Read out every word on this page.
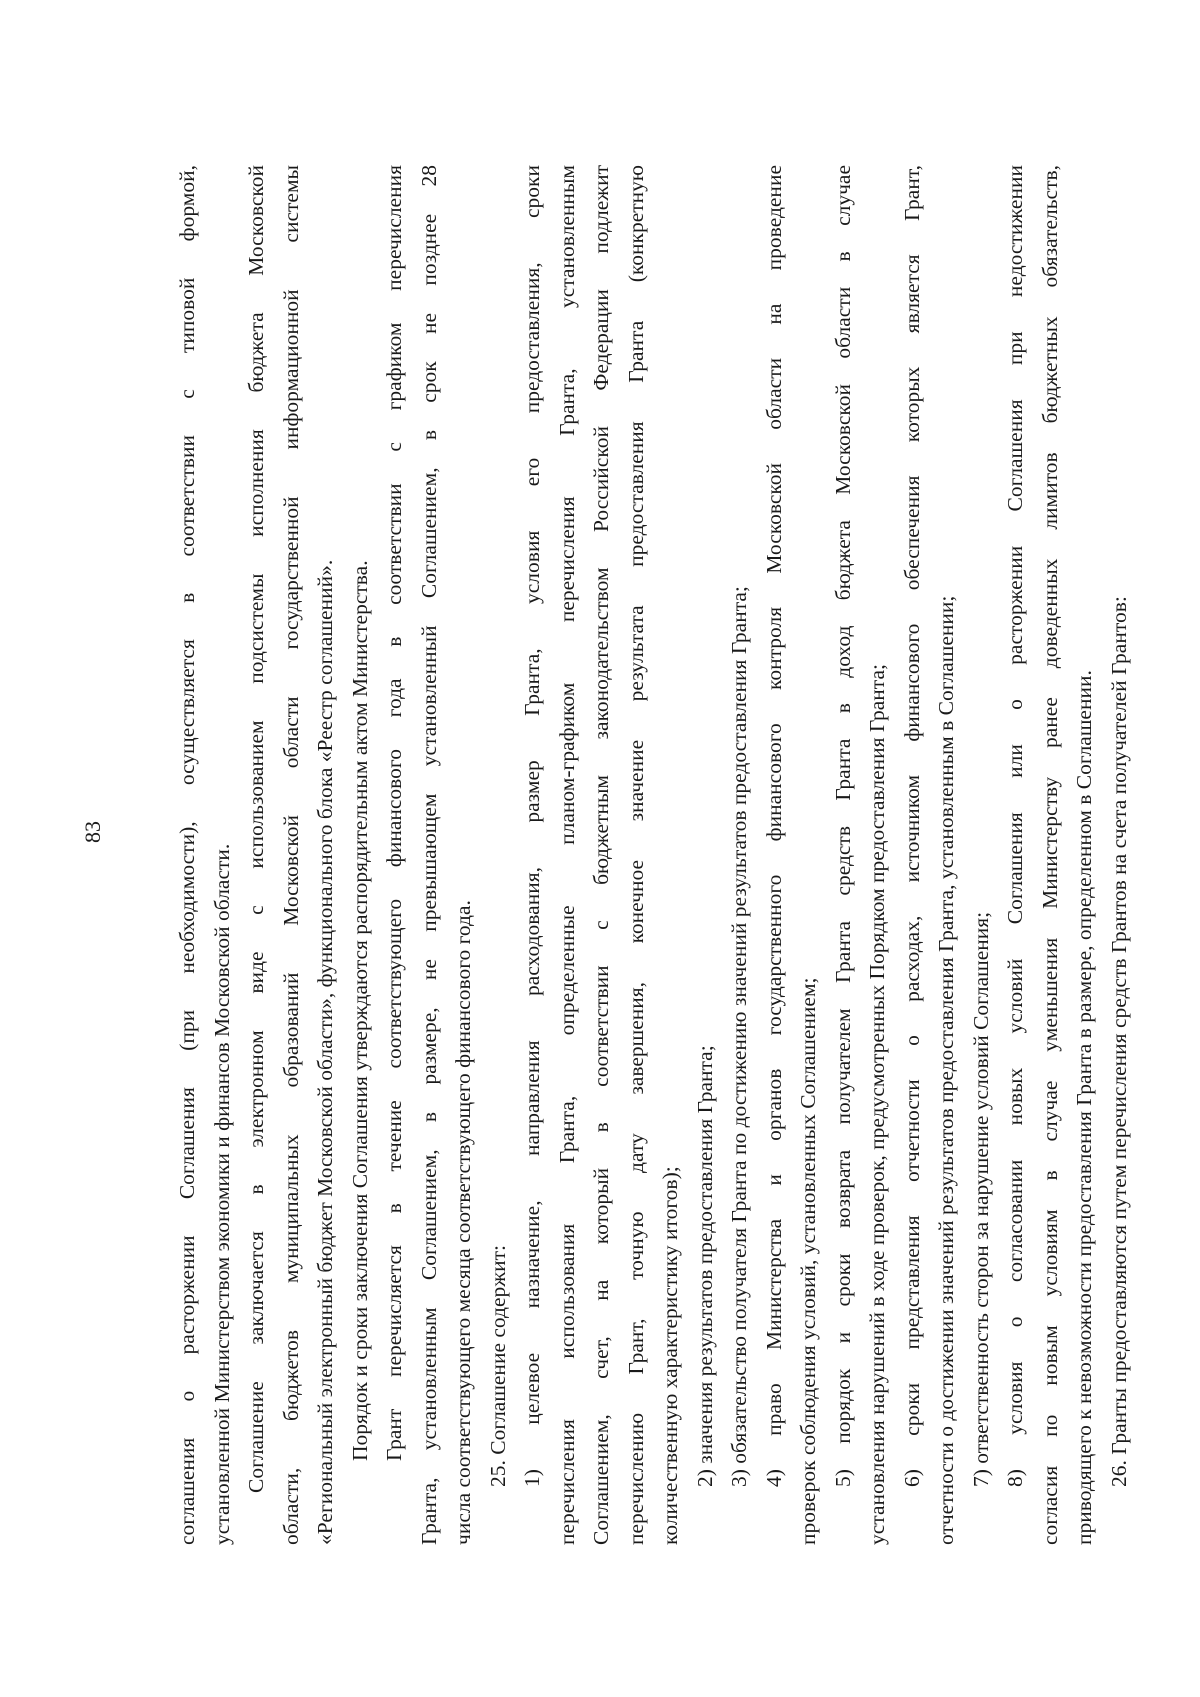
83	соглашения о расторжении Соглашения (при необходимости), осуществляется в соответствии с типовой формой, установленной Министерством экономики и финансов Московской области. Соглашение заключается в электронном виде с использованием подсистемы исполнения бюджета Московской области, бюджетов муниципальных образований Московской области государственной информационной системы «Региональный электронный бюджет Московской области», функционального блока «Реестр соглашений». Порядок и сроки заключения Соглашения утверждаются распорядительным актом Министерства. Грант перечисляется в течение соответствующего финансового года в соответствии с графиком перечисления Гранта, установленным Соглашением, в размере, не превышающем установленный Соглашением, в срок не позднее 28 числа соответствующего месяца соответствующего финансового года. 25. Соглашение содержит: 1) целевое назначение, направления расходования, размер Гранта, условия его предоставления, сроки перечисления использования Гранта, определенные планом-графиком перечисления Гранта, установленным Соглашением, счет, на который в соответствии с бюджетным законодательством Российской Федерации подлежит перечислению Грант, точную дату завершения, конечное значение результата предоставления Гранта (конкретную количественную характеристику итогов); 2) значения результатов предоставления Гранта; 3) обязательство получателя Гранта по достижению значений результатов предоставления Гранта; 4) право Министерства и органов государственного финансового контроля Московской области на проведение проверок соблюдения условий, установленных Соглашением; 5) порядок и сроки возврата получателем Гранта средств Гранта в доход бюджета Московской области в случае установления нарушений в ходе проверок, предусмотренных Порядком предоставления Гранта; 6) сроки представления отчетности о расходах, источником финансового обеспечения которых является Грант, отчетности о достижении значений результатов предоставления Гранта, установленным в Соглашении; 7) ответственность сторон за нарушение условий Соглашения; 8) условия о согласовании новых условий Соглашения или о расторжении Соглашения при недостижении согласия по новым условиям в случае уменьшения Министерству ранее доведенных лимитов бюджетных обязательств, приводящего к невозможности предоставления Гранта в размере, определенном в Соглашении. 26. Гранты предоставляются путем перечисления средств Грантов на счета получателей Грантов:
